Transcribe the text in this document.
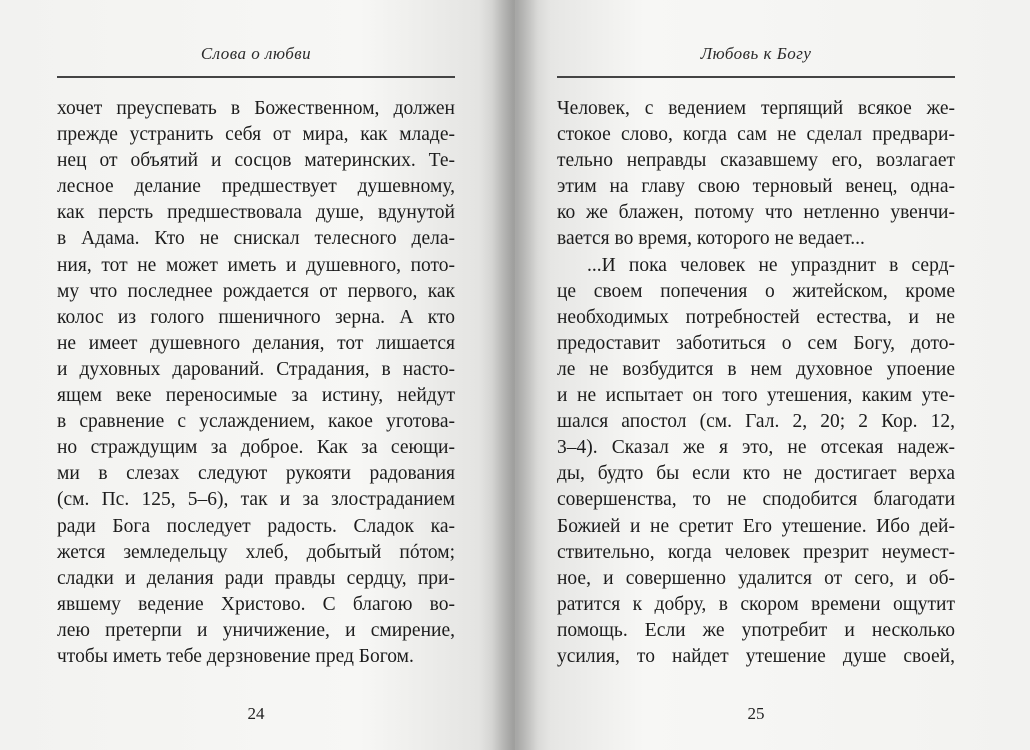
Слова о любви
хочет преуспевать в Божественном, должен
прежде устранить себя от мира, как младе-
нец от объятий и сосцов материнских. Те-
лесное делание предшествует душевному,
как персть предшествовала душе, вдунутой
в Адама. Кто не снискал телесного дела-
ния, тот не может иметь и душевного, пото-
му что последнее рождается от первого, как
колос из голого пшеничного зерна. А кто
не имеет душевного делания, тот лишается
и духовных дарований. Страдания, в насто-
ящем веке переносимые за истину, нейдут
в сравнение с услаждением, какое уготова-
но страждущим за доброе. Как за сеющи-
ми в слезах следуют рукояти радования
(см. Пс. 125, 5–6), так и за злостраданием
ради Бога последует радость. Сладок ка-
жется земледельцу хлеб, добытый пóтом;
сладки и делания ради правды сердцу, при-
явшему ведение Христово. С благою во-
лею претерпи и уничижение, и смирение,
чтобы иметь тебе дерзновение пред Богом.
24
Любовь к Богу
Человек, с ведением терпящий всякое же-
стокое слово, когда сам не сделал предвари-
тельно неправды сказавшему его, возлагает
этим на главу свою терновый венец, одна-
ко же блажен, потому что нетленно увенчи-
вается во время, которого не ведает...
...И пока человек не упразднит в серд-
це своем попечения о житейском, кроме
необходимых потребностей естества, и не
предоставит заботиться о сем Богу, дото-
ле не возбудится в нем духовное упоение
и не испытает он того утешения, каким уте-
шался апостол (см. Гал. 2, 20; 2 Кор. 12,
3–4). Сказал же я это, не отсекая надеж-
ды, будто бы если кто не достигает верха
совершенства, то не сподобится благодати
Божией и не сретит Его утешение. Ибо дей-
ствительно, когда человек презрит неумест-
ное, и совершенно удалится от сего, и об-
ратится к добру, в скором времени ощутит
помощь. Если же употребит и несколько
усилия, то найдет утешение душе своей,
25
